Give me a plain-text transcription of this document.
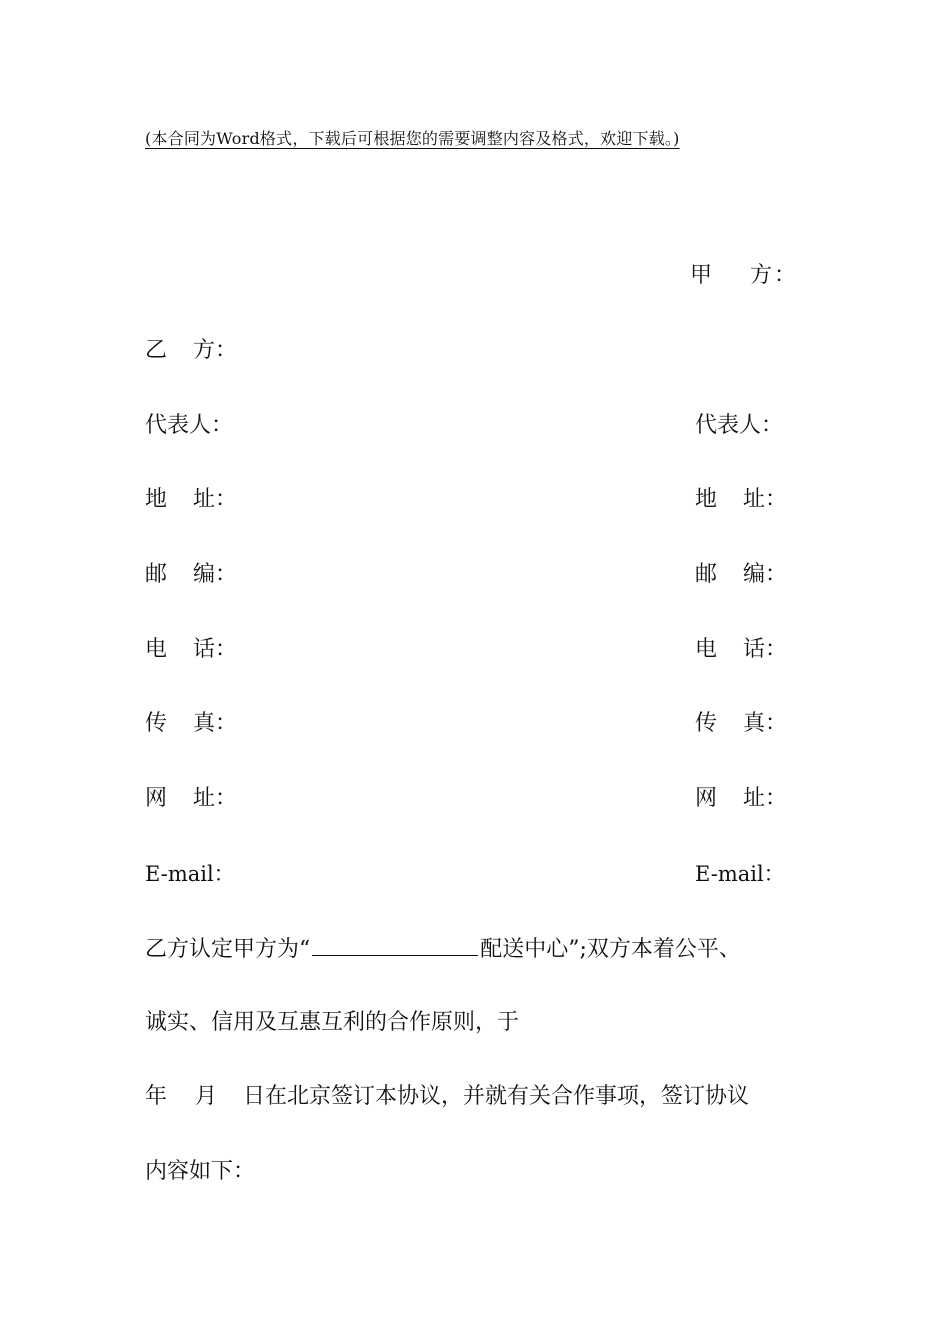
(本合同为Word格式，下载后可根据您的需要调整内容及格式，欢迎下载。)
甲 方：
乙 方：
代表人：
地 址：
邮 编：
电 话：
传 真：
网 址：
E-mail：
代表人：
地 址：
邮 编：
电 话：
传 真：
网 址：
E-mail：
乙方认定甲方为“	配送中心”;双方本着公平、
诚实、信用及互惠互利的合作原则，于
年 月 日在北京签订本协议，并就有关合作事项，签订协议
内容如下：
